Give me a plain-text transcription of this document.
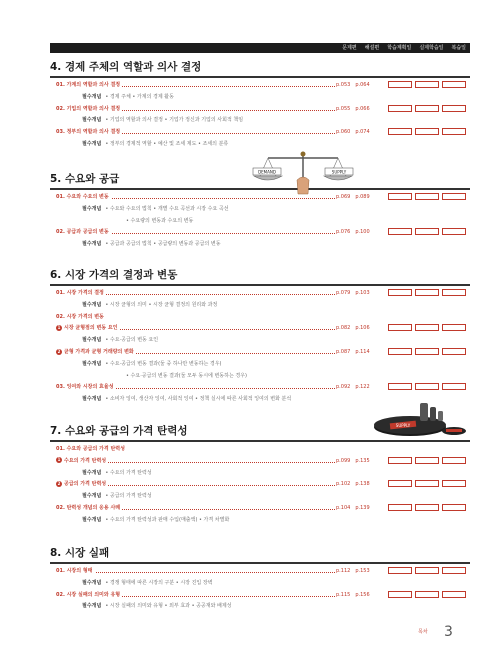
문제편 해설편 학습계획일 실제학습일 복습일
4. 경제 주체의 역할과 의사 결정
01. 가계의 역할과 의사 결정	p.053 p.064
필수개념 • 경제 주체 • 가계의 경제 활동
02. 기업의 역할과 의사 결정	p.055 p.066
필수개념 • 기업의 역할과 의사 결정 • 기업가 정신과 기업의 사회적 책임
03. 정부의 역할과 의사 결정	p.060 p.074
필수개념 • 정부의 경제적 역할 • 예산 및 조세 제도 • 조세의 분류
5. 수요와 공급
01. 수요와 수요의 변동	p.069 p.089
필수개념 • 수요와 수요의 법칙 • 개별 수요 곡선과 시장 수요 곡선
• 수요량의 변동과 수요의 변동
02. 공급과 공급의 변동	p.076 p.100
필수개념 • 공급과 공급의 법칙 • 공급량의 변동과 공급의 변동
6. 시장 가격의 결정과 변동
01. 시장 가격의 결정	p.079 p.103
필수개념 • 시장 균형의 의미 • 시장 균형 결정의 원리와 과정
02. 시장 가격의 변동
1 시장 균형점의 변동 요인	p.082 p.106
필수개념 • 수요·공급의 변동 요인
2 균형 가격과 균형 거래량의 변화	p.087 p.114
필수개념 • 수요·공급의 변동 결과(둘 중 하나만 변동하는 경우)
• 수요·공급의 변동 결과(둘 모두 동시에 변동하는 경우)
03. 잉여와 시장의 효율성	p.092 p.122
필수개념 • 소비자 잉여, 생산자 잉여, 사회적 잉여 • 정책 실시에 따른 사회적 잉여의 변화 분석
7. 수요와 공급의 가격 탄력성
01. 수요와 공급의 가격 탄력성
1 수요의 가격 탄력성	p.099 p.135
필수개념 • 수요의 가격 탄력성
2 공급의 가격 탄력성	p.102 p.138
필수개념 • 공급의 가격 탄력성
02. 탄력성 개념의 응용 사례	p.104 p.139
필수개념 • 수요의 가격 탄력성과 판매 수입(매출액) • 가격 차별화
8. 시장 실패
01. 시장의 형태	p.112 p.153
필수개념 • 경쟁 형태에 따른 시장의 구분 • 시장 진입 장벽
02. 시장 실패의 의미와 유형	p.115 p.156
필수개념 • 시장 실패의 의미와 유형 • 외부 효과 • 공공재와 배제성
DEMAND	SUPPLY
SUPPLY
목차 3
